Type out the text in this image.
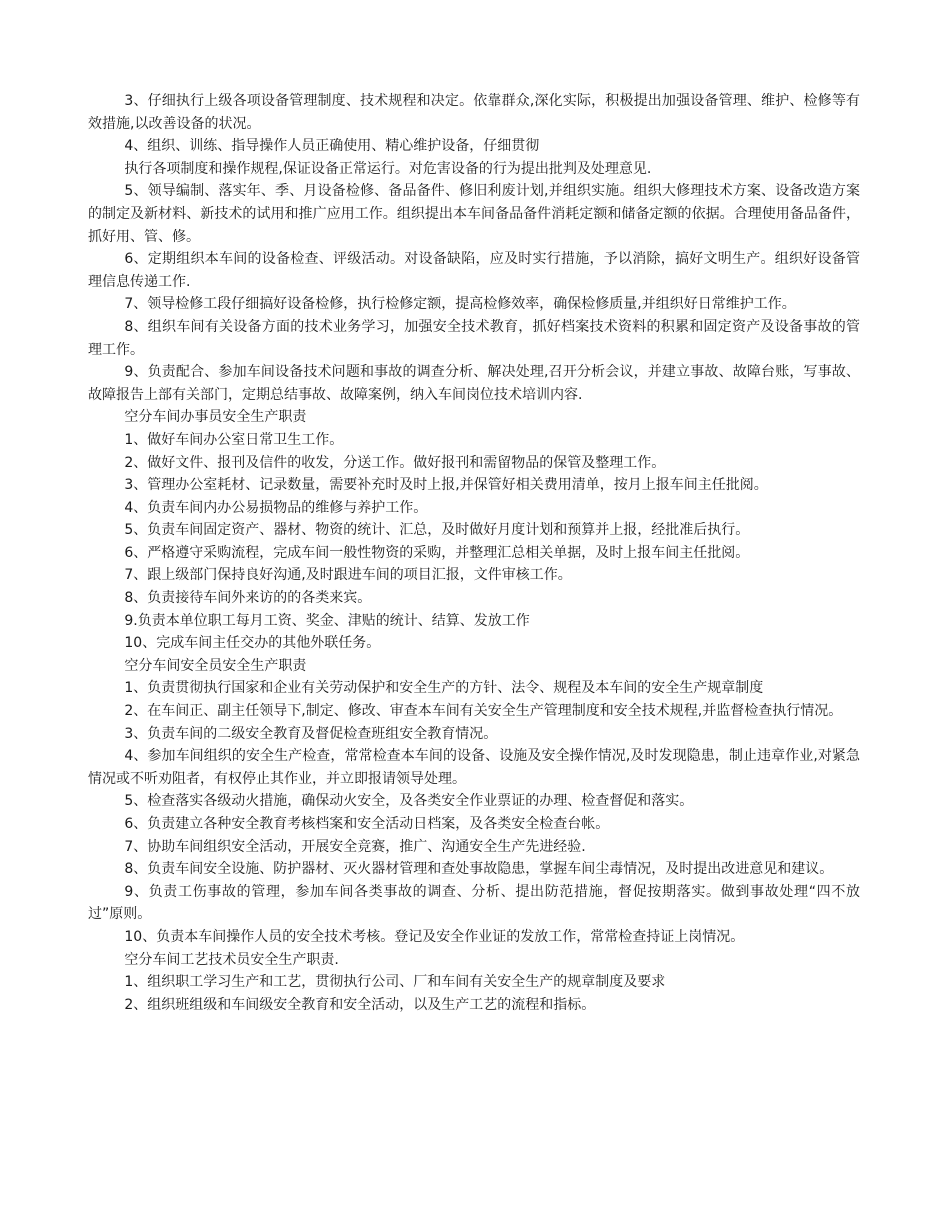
3、仔细执行上级各项设备管理制度、技术规程和决定。依靠群众,深化实际，积极提出加强设备管理、维护、检修等有效措施,以改善设备的状况。

4、组织、训练、指导操作人员正确使用、精心维护设备，仔细贯彻

执行各项制度和操作规程,保证设备正常运行。对危害设备的行为提出批判及处理意见.

5、领导编制、落实年、季、月设备检修、备品备件、修旧利废计划,并组织实施。组织大修理技术方案、设备改造方案的制定及新材料、新技术的试用和推广应用工作。组织提出本车间备品备件消耗定额和储备定额的依据。合理使用备品备件，抓好用、管、修。

6、定期组织本车间的设备检查、评级活动。对设备缺陷，应及时实行措施，予以消除，搞好文明生产。组织好设备管理信息传递工作.

7、领导检修工段仔细搞好设备检修，执行检修定额，提高检修效率，确保检修质量,并组织好日常维护工作。

8、组织车间有关设备方面的技术业务学习，加强安全技术教育，抓好档案技术资料的积累和固定资产及设备事故的管理工作。

9、负责配合、参加车间设备技术问题和事故的调查分析、解决处理,召开分析会议，并建立事故、故障台账，写事故、故障报告上部有关部门，定期总结事故、故障案例，纳入车间岗位技术培训内容.

空分车间办事员安全生产职责

1、做好车间办公室日常卫生工作。

2、做好文件、报刊及信件的收发，分送工作。做好报刊和需留物品的保管及整理工作。

3、管理办公室耗材、记录数量，需要补充时及时上报,并保管好相关费用清单，按月上报车间主任批阅。

4、负责车间内办公易损物品的维修与养护工作。

5、负责车间固定资产、器材、物资的统计、汇总，及时做好月度计划和预算并上报，经批准后执行。

6、严格遵守采购流程，完成车间一般性物资的采购，并整理汇总相关单据，及时上报车间主任批阅。

7、跟上级部门保持良好沟通,及时跟进车间的项目汇报，文件审核工作。

8、负责接待车间外来访的的各类来宾。

9.负责本单位职工每月工资、奖金、津贴的统计、结算、发放工作

10、完成车间主任交办的其他外联任务。

空分车间安全员安全生产职责

1、负责贯彻执行国家和企业有关劳动保护和安全生产的方针、法令、规程及本车间的安全生产规章制度

2、在车间正、副主任领导下,制定、修改、审查本车间有关安全生产管理制度和安全技术规程,并监督检查执行情况。

3、负责车间的二级安全教育及督促检查班组安全教育情况。

4、参加车间组织的安全生产检查，常常检查本车间的设备、设施及安全操作情况,及时发现隐患，制止违章作业,对紧急情况或不听劝阻者，有权停止其作业，并立即报请领导处理。

5、检查落实各级动火措施，确保动火安全，及各类安全作业票证的办理、检查督促和落实。

6、负责建立各种安全教育考核档案和安全活动日档案，及各类安全检查台帐。

7、协助车间组织安全活动，开展安全竞赛，推广、沟通安全生产先进经验.

8、负责车间安全设施、防护器材、灭火器材管理和查处事故隐患，掌握车间尘毒情况，及时提出改进意见和建议。

9、负责工伤事故的管理，参加车间各类事故的调查、分析、提出防范措施，督促按期落实。做到事故处理“四不放过”原则。

10、负责本车间操作人员的安全技术考核。登记及安全作业证的发放工作，常常检查持证上岗情况。

空分车间工艺技术员安全生产职责.

1、组织职工学习生产和工艺，贯彻执行公司、厂和车间有关安全生产的规章制度及要求

2、组织班组级和车间级安全教育和安全活动，以及生产工艺的流程和指标。
